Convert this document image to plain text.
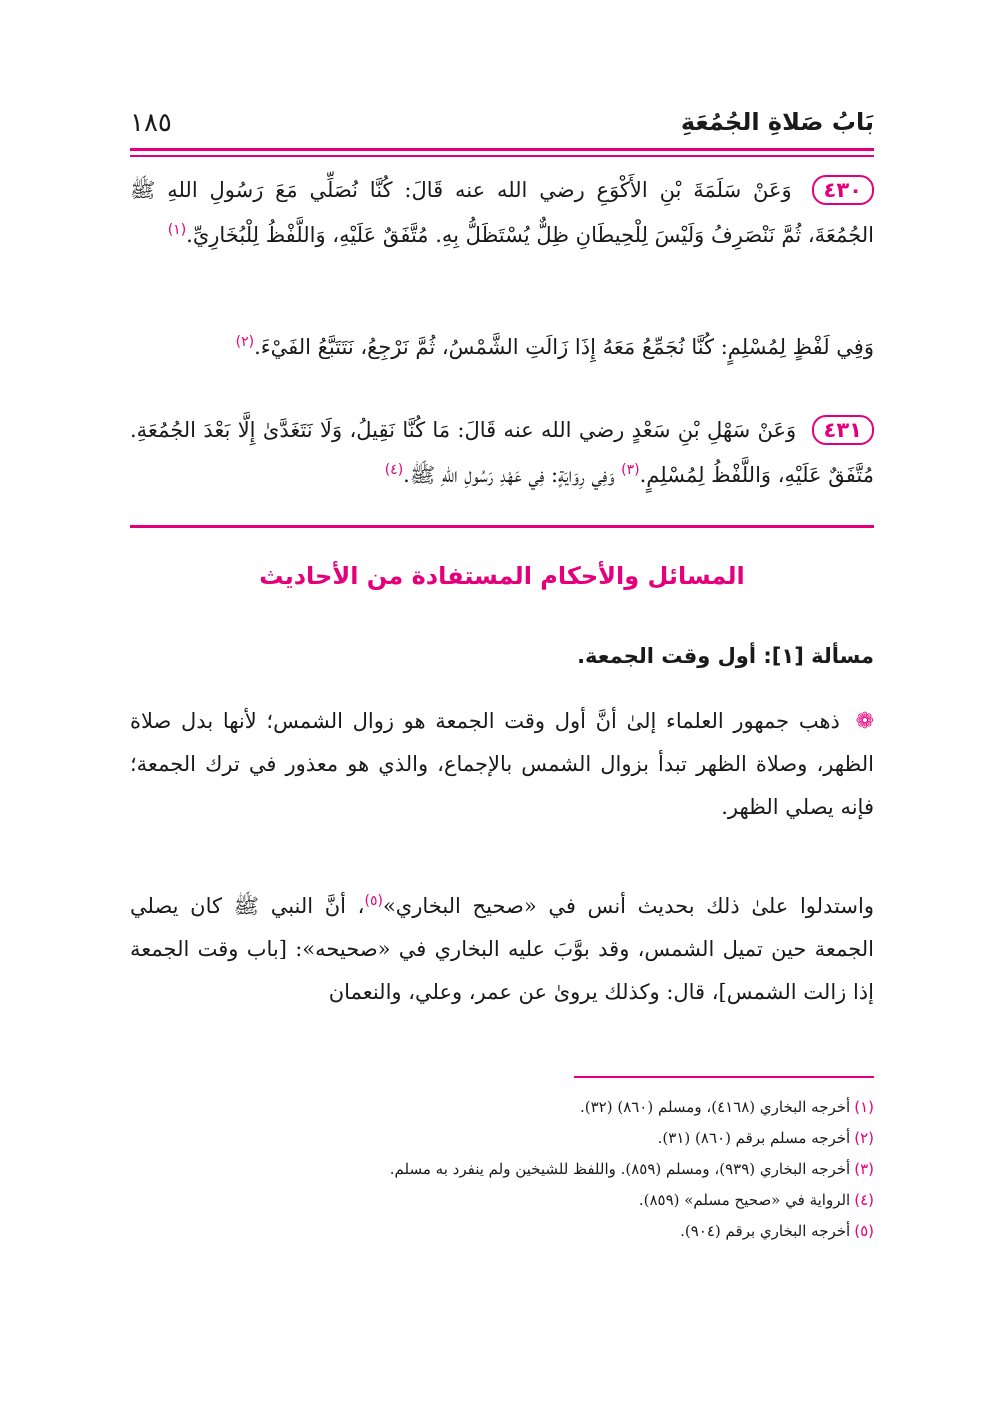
١٨٥	بَابُ صَلاةِ الجُمُعَةِ
٤٣٠ وَعَنْ سَلَمَةَ بْنِ الأَكْوَعِ رضي الله عنه قَالَ: كُنَّا نُصَلِّي مَعَ رَسُولِ اللهِ ﷺ الجُمُعَةَ، ثُمَّ نَنْصَرِفُ وَلَيْسَ لِلْحِيطَانِ ظِلٌّ يُسْتَظَلُّ بِهِ. مُتَّفَقٌ عَلَيْهِ، وَاللَّفْظُ لِلْبُخَارِيِّ.$^{(١)}$
وَفِي لَفْظٍ لِمُسْلِمٍ: كُنَّا نُجَمِّعُ مَعَهُ إِذَا زَالَتِ الشَّمْسُ، ثُمَّ نَرْجِعُ، نَتَتَبَّعُ الفَيْءَ.$^{(٢)}$
٤٣١ وَعَنْ سَهْلِ بْنِ سَعْدٍ رضي الله عنه قَالَ: مَا كُنَّا نَقِيلُ، وَلَا نَتَغَدَّىٰ إِلَّا بَعْدَ الجُمُعَةِ. مُتَّفَقٌ عَلَيْهِ، وَاللَّفْظُ لِمُسْلِمٍ.$^{(٣)}$ وَفِي رِوَايَةٍ: فِي عَهْدِ رَسُولِ اللهِ ﷺ.$^{(٤)}$
المسائل والأحكام المستفادة من الأحاديث
مسألة [١]: أول وقت الجمعة.
❁ ذهب جمهور العلماء إلىٰ أنَّ أول وقت الجمعة هو زوال الشمس؛ لأنها بدل صلاة الظهر، وصلاة الظهر تبدأ بزوال الشمس بالإجماع، والذي هو معذور في ترك الجمعة؛ فإنه يصلي الظهر.
واستدلوا علىٰ ذلك بحديث أنس في «صحيح البخاري»$^{(٥)}$، أنَّ النبي ﷺ كان يصلي الجمعة حين تميل الشمس، وقد بوَّبَ عليه البخاري في «صحيحه»: [باب وقت الجمعة إذا زالت الشمس]، قال: وكذلك يروىٰ عن عمر، وعلي، والنعمان
(١)أخرجه البخاري (٤١٦٨)، ومسلم (٨٦٠) (٣٢).
(٢)أخرجه مسلم برقم (٨٦٠) (٣١).
(٣)أخرجه البخاري (٩٣٩)، ومسلم (٨٥٩). واللفظ للشيخين ولم ينفرد به مسلم.
(٤)الرواية في «صحيح مسلم» (٨٥٩).
(٥)أخرجه البخاري برقم (٩٠٤).
